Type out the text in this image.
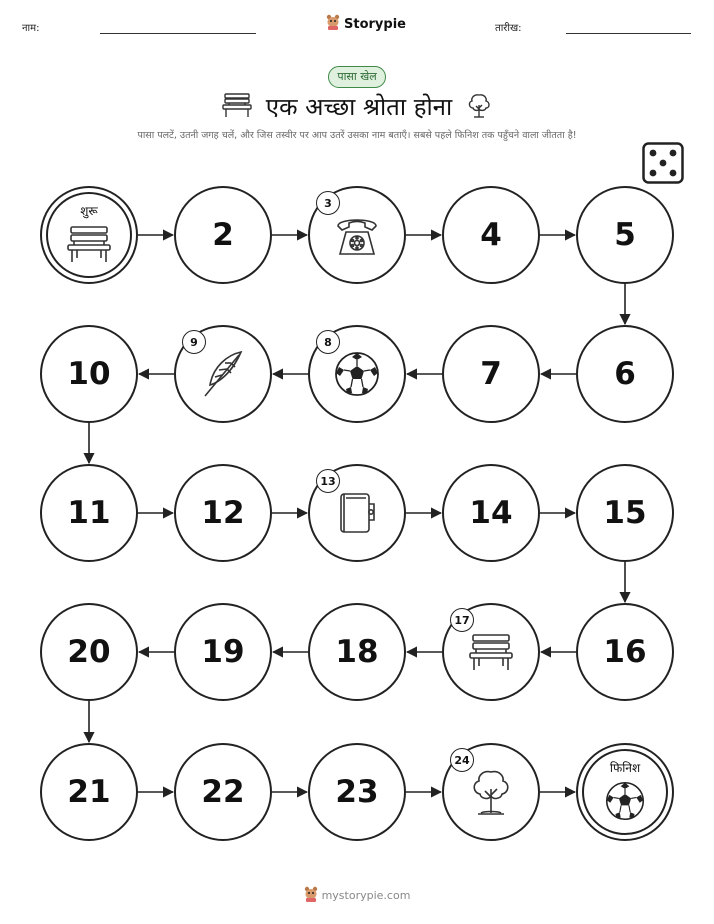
नाम:	Storypie	तारीख:
पासा खेल
एक अच्छा श्रोता होना
पासा पलटें, उतनी जगह चलें, और जिस तस्वीर पर आप उतरें उसका नाम बताएँ। सबसे पहले फिनिश तक पहुँचने वाला जीतता है!
शुरू
2
3
4	5
6
7
8
9
10
11	12
13
14	15
16
17
18
19
20
21	22	23
24
फिनिश
mystorypie.com
